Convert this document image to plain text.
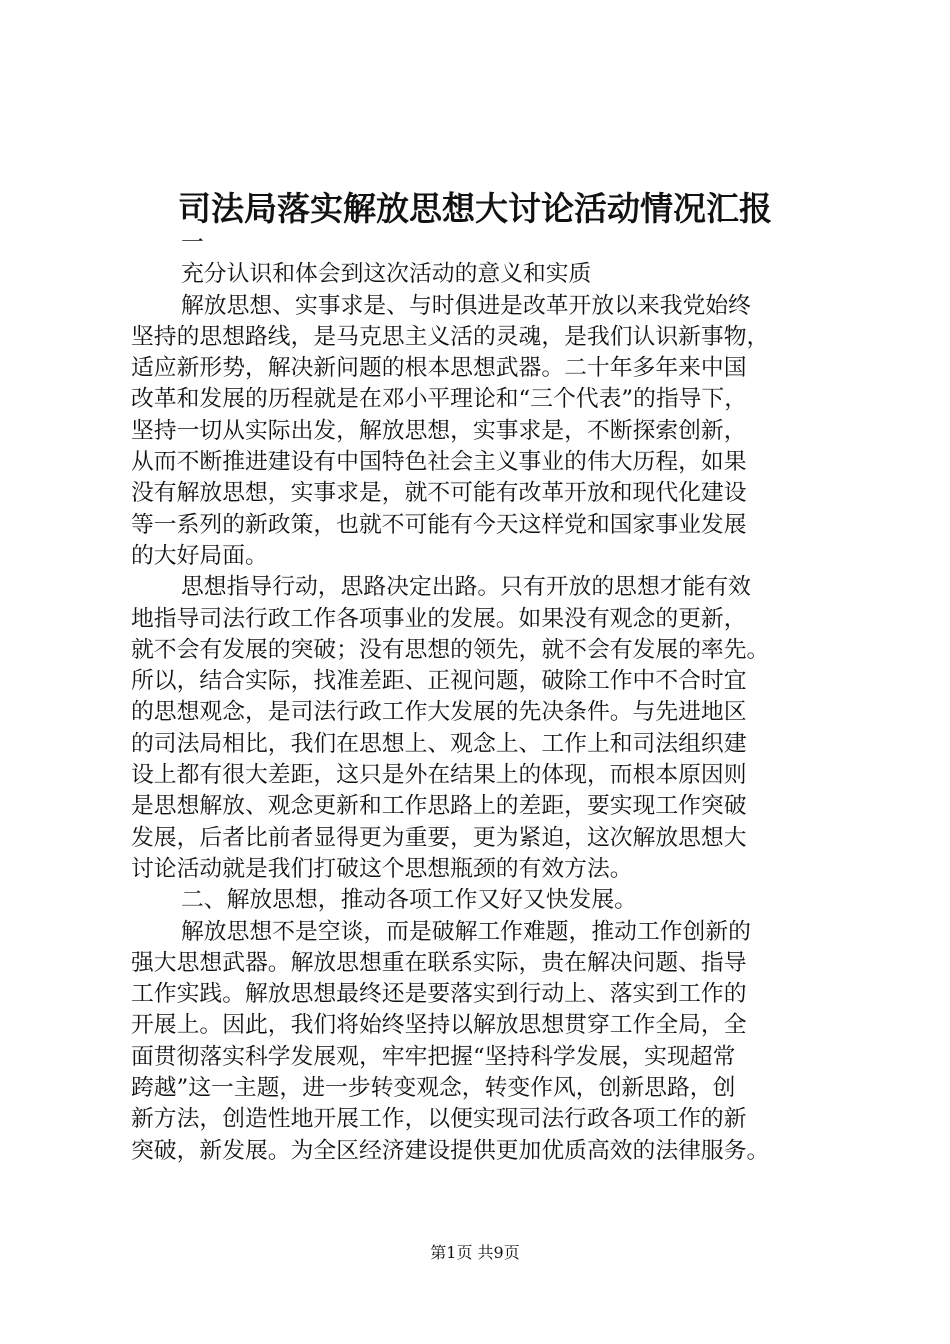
司法局落实解放思想大讨论活动情况汇报
一
充分认识和体会到这次活动的意义和实质
解放思想、实事求是、与时俱进是改革开放以来我党始终
坚持的思想路线，是马克思主义活的灵魂，是我们认识新事物，
适应新形势，解决新问题的根本思想武器。二十年多年来中国
改革和发展的历程就是在邓小平理论和“三个代表”的指导下，
坚持一切从实际出发，解放思想，实事求是，不断探索创新，
从而不断推进建设有中国特色社会主义事业的伟大历程，如果
没有解放思想，实事求是，就不可能有改革开放和现代化建设
等一系列的新政策，也就不可能有今天这样党和国家事业发展
的大好局面。
思想指导行动，思路决定出路。只有开放的思想才能有效
地指导司法行政工作各项事业的发展。如果没有观念的更新，
就不会有发展的突破；没有思想的领先，就不会有发展的率先。
所以，结合实际，找准差距、正视问题，破除工作中不合时宜
的思想观念，是司法行政工作大发展的先决条件。与先进地区
的司法局相比，我们在思想上、观念上、工作上和司法组织建
设上都有很大差距，这只是外在结果上的体现，而根本原因则
是思想解放、观念更新和工作思路上的差距，要实现工作突破
发展，后者比前者显得更为重要，更为紧迫，这次解放思想大
讨论活动就是我们打破这个思想瓶颈的有效方法。
二、解放思想，推动各项工作又好又快发展。
解放思想不是空谈，而是破解工作难题，推动工作创新的
强大思想武器。解放思想重在联系实际，贵在解决问题、指导
工作实践。解放思想最终还是要落实到行动上、落实到工作的
开展上。因此，我们将始终坚持以解放思想贯穿工作全局，全
面贯彻落实科学发展观，牢牢把握“坚持科学发展，实现超常
跨越”这一主题，进一步转变观念，转变作风，创新思路，创
新方法，创造性地开展工作，以便实现司法行政各项工作的新
突破，新发展。为全区经济建设提供更加优质高效的法律服务。
第1页 共9页
